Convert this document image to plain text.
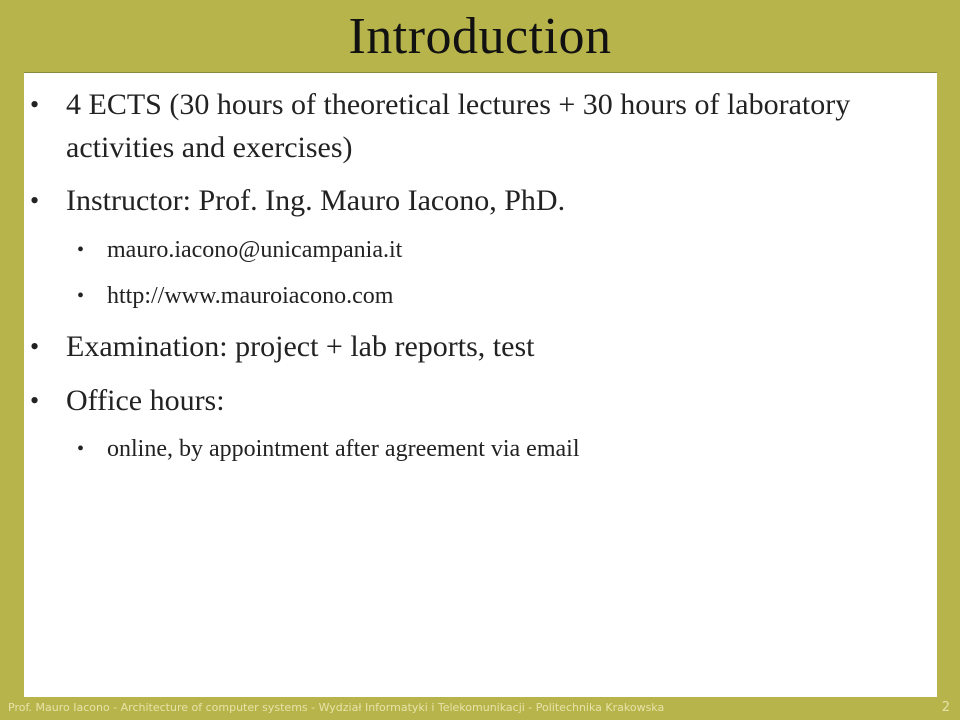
Introduction
• 4 ECTS (30 hours of theoretical lectures + 30 hours of laboratory activities and exercises)
• Instructor: Prof. Ing. Mauro Iacono, PhD.
• mauro.iacono@unicampania.it
• http://www.mauroiacono.com
• Examination: project + lab reports, test
• Office hours:
• online, by appointment after agreement via email
Prof. Mauro Iacono - Architecture of computer systems - Wydział Informatyki i Telekomunikacji - Politechnika Krakowska	2
